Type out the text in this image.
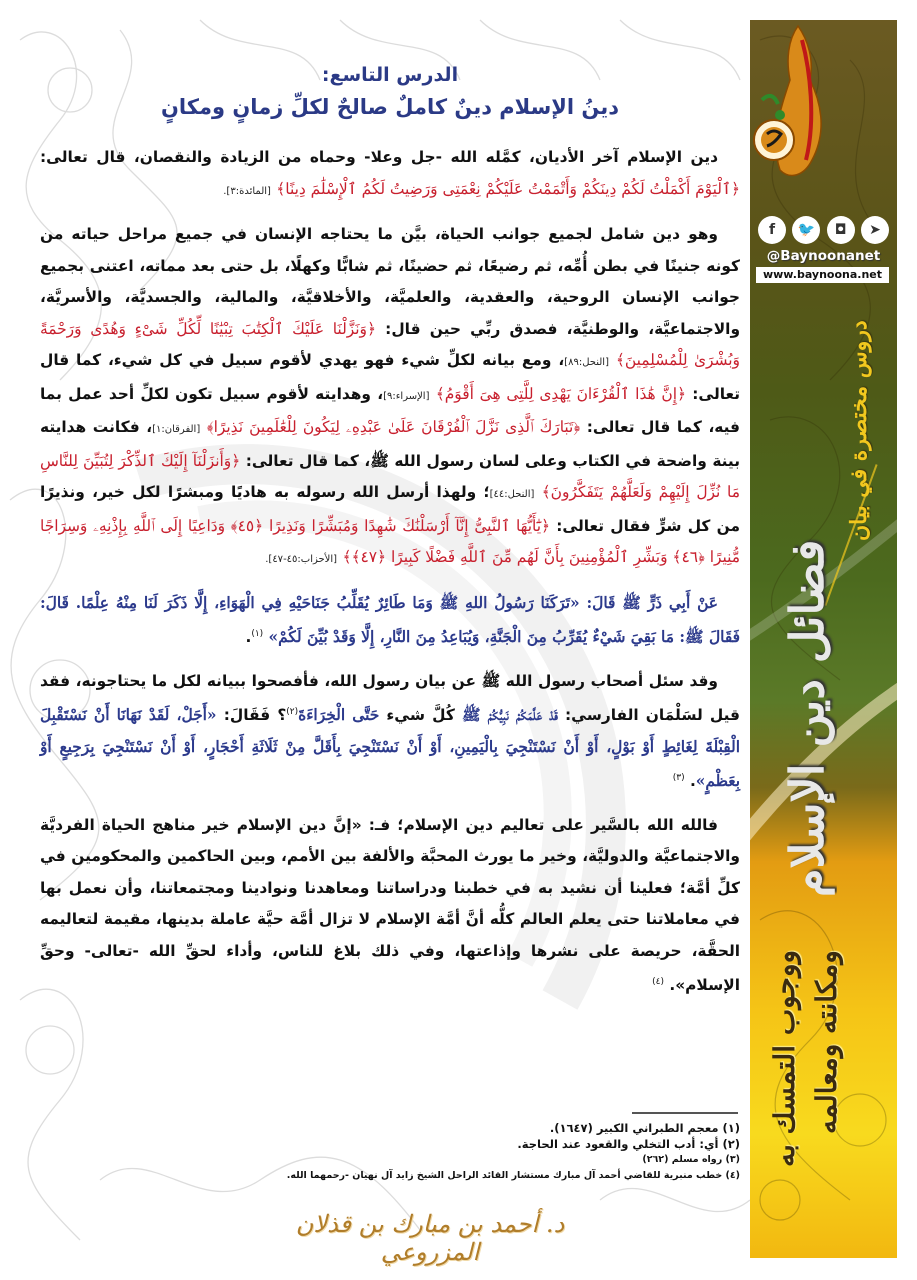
الدرس التاسع:
دينُ الإسلام دينٌ كاملٌ صالحٌ لكلِّ زمانٍ ومكانٍ

دين الإسلام آخر الأديان، كمَّله الله -جل وعلا- وحماه من الزيادة والنقصان، قال تعالى: ﴿ٱلْيَوْمَ أَكْمَلْتُ لَكُمْ دِينَكُمْ وَأَتْمَمْتُ عَلَيْكُمْ نِعْمَتِى وَرَضِيتُ لَكُمُ ٱلْإِسْلَٰمَ دِينًا﴾ [المائدة:٣].

وهو دين شامل لجميع جوانب الحياة، بيَّن ما يحتاجه الإنسان في جميع مراحل حياته من كونه جنينًا في بطن أُمِّه، ثم رضيعًا، ثم حضينًا، ثم شابًّا وكهلًا، بل حتى بعد مماته، اعتنى بجميع جوانب الإنسان الروحية، والعقدية، والعلميَّة، والأخلاقيَّة، والمالية، والجسديَّة، والأسريَّة، والاجتماعيَّة، والوطنيَّة، فصدق ربِّي حين قال: ﴿وَنَزَّلْنَا عَلَيْكَ ٱلْكِتَٰبَ تِبْيَٰنًا لِّكُلِّ شَىْءٍ وَهُدًى وَرَحْمَةً وَبُشْرَىٰ لِلْمُسْلِمِينَ﴾ [النحل:٨٩]، ومع بيانه لكلِّ شيء فهو يهدي لأقوم سبيل في كل شيء، كما قال تعالى: ﴿إِنَّ هَٰذَا ٱلْقُرْءَانَ يَهْدِى لِلَّتِى هِىَ أَقْوَمُ﴾ [الإسراء:٩]، وهدايته لأقوم سبيل تكون لكلِّ أحد عمل بما فيه، كما قال تعالى: ﴿تَبَارَكَ ٱلَّذِى نَزَّلَ ٱلْفُرْقَانَ عَلَىٰ عَبْدِهِۦ لِيَكُونَ لِلْعَٰلَمِينَ نَذِيرًا﴾ [الفرقان:١]، فكانت هدايته بينة واضحة في الكتاب وعلى لسان رسول الله ﷺ، كما قال تعالى: ﴿وَأَنزَلْنَآ إِلَيْكَ ٱلذِّكْرَ لِتُبَيِّنَ لِلنَّاسِ مَا نُزِّلَ إِلَيْهِمْ وَلَعَلَّهُمْ يَتَفَكَّرُونَ﴾ [النحل:٤٤]؛ ولهذا أرسل الله رسوله به هاديًا ومبشرًا لكل خير، ونذيرًا من كل شرٍّ فقال تعالى: ﴿يَٰٓأَيُّهَا ٱلنَّبِىُّ إِنَّآ أَرْسَلْنَٰكَ شَٰهِدًا وَمُبَشِّرًا وَنَذِيرًا ﴿٤٥﴾ وَدَاعِيًا إِلَى ٱللَّهِ بِإِذْنِهِۦ وَسِرَاجًا مُّنِيرًا ﴿٤٦﴾ وَبَشِّرِ ٱلْمُؤْمِنِينَ بِأَنَّ لَهُم مِّنَ ٱللَّهِ فَضْلًا كَبِيرًا ﴿٤٧﴾﴾ [الأحزاب:٤٥-٤٧].

عَنْ أَبِي ذَرٍّ ﷺ قَالَ: «تَرَكَنَا رَسُولُ اللهِ ﷺ وَمَا طَائِرٌ يُقَلِّبُ جَنَاحَيْهِ فِي الْهَوَاءِ، إِلَّا ذَكَرَ لَنَا مِنْهُ عِلْمًا. قَالَ: فَقَالَ ﷺ: مَا بَقِيَ شَيْءٌ يُقَرِّبُ مِنَ الْجَنَّةِ، وَيُبَاعِدُ مِنَ النَّارِ، إِلَّا وَقَدْ بُيِّنَ لَكُمْ» $^{(١)}$.

وقد سئل أصحاب رسول الله ﷺ عن بيان رسول الله، فأفصحوا ببيانه لكل ما يحتاجونه، فقد قيل لسَلْمَان الفارسي: قَدْ عَلَّمَكُمْ نَبِيُّكُمْ ﷺ كُلَّ شيء حَتَّى الْخِرَاءَةَ$^{(٢)}$؟ فَقَالَ: «أَجَلْ، لَقَدْ نَهَانَا أَنْ نَسْتَقْبِلَ الْقِبْلَةَ لِغَائِطٍ أَوْ بَوْلٍ، أَوْ أَنْ نَسْتَنْجِيَ بِالْيَمِينِ، أَوْ أَنْ نَسْتَنْجِيَ بِأَقَلَّ مِنْ ثَلَاثَةِ أَحْجَارٍ، أَوْ أَنْ نَسْتَنْجِيَ بِرَجِيعٍ أَوْ بِعَظْمٍ». $^{(٣)}$

فالله الله بالسَّير على تعاليم دين الإسلام؛ فـ: «إنَّ دين الإسلام خير مناهج الحياة الفرديَّة والاجتماعيَّة والدوليَّة، وخير ما يورث المحبَّة والألفة بين الأمم، وبين الحاكمين والمحكومين في كلِّ أمَّة؛ فعلينا أن نشيد به في خطبنا ودراساتنا ومعاهدنا ونوادينا ومجتمعاتنا، وأن نعمل بها في معاملاتنا حتى يعلم العالم كلُّه أنَّ أمَّة الإسلام لا تزال أمَّة حيَّة عاملة بدينها، مقيمة لتعاليمه الحقَّة، حريصة على نشرها وإذاعتها، وفي ذلك بلاغ للناس، وأداء لحقِّ الله -تعالى- وحقِّ الإسلام». $^{(٤)}$

(١) معجم الطبراني الكبير (١٦٤٧).
(٢) أي: أدب التخلي والقعود عند الحاجة.
(٣) رواه مسلم (٢٦٢)
(٤) خطب منبرية للقاضي أحمد آل مبارك مستشار القائد الراحل الشيخ زايد آل نهيان -رحمهما الله.
د. أحمد بن مبارك بن قذلان المزروعي
f	🐦	◘	➤
@Baynoonanet
www.baynoona.net
دروس مختصرة في بيان
فضائل دين الإسلام
ومكانته ومعالمه
ووجوب التمسك به
